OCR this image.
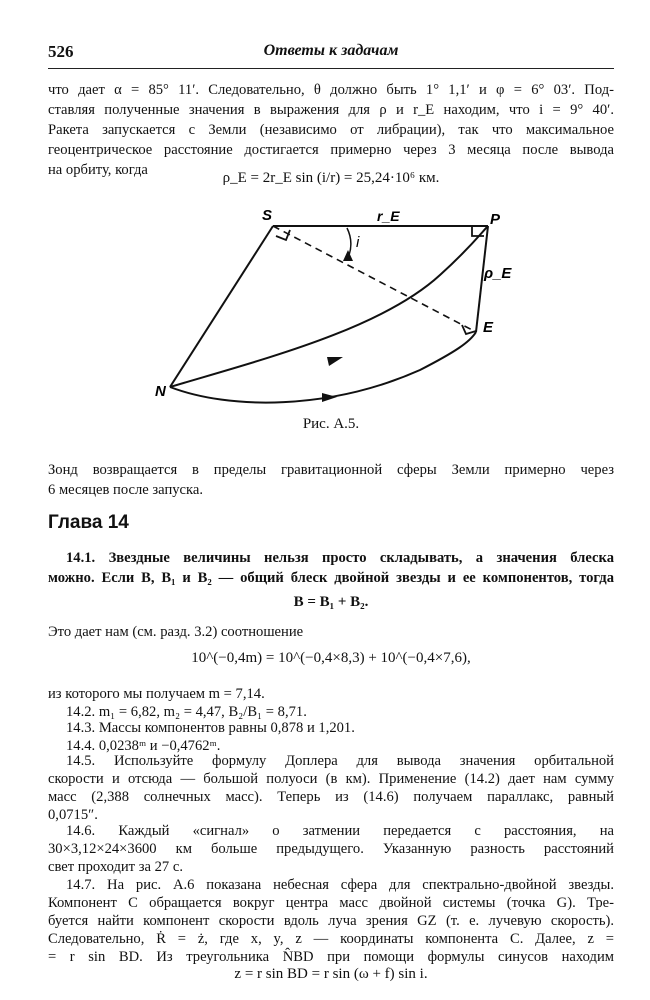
526	Ответы к задачам
что дает α = 85° 11′. Следовательно, θ должно быть 1° 1,1′ и φ = 6° 03′. Под-
ставляя полученные значения в выражения для ρ и r_E находим, что i = 9° 40′.
Ракета запускается с Земли (независимо от либрации), так что максимальное
геоцентрическое расстояние достигается примерно через 3 месяца после вывода
на орбиту, когда	ρ_E = 2r_E sin (i/r) = 25,24·10⁶ км.
S	P
E
N
r_E
i
ρ_E
Рис. А.5.
Зонд возвращается в пределы гравитационной сферы Земли примерно через
6 месяцев после запуска.
Глава 14
14.1. Звездные величины нельзя просто складывать, а значения блеска
можно. Если B, B₁ и B₂ — общий блеск двойной звезды и ее компонентов, тогда
B = B₁ + B₂.
Это дает нам (см. разд. 3.2) соотношение
10^(−0,4m) = 10^(−0,4×8,3) + 10^(−0,4×7,6),
из которого мы получаем m = 7,14.
14.2. m₁ = 6,82, m₂ = 4,47, B₂/B₁ = 8,71.
14.3. Массы компонентов равны 0,878 и 1,201.
14.4. 0,0238ᵐ и −0,4762ᵐ.
14.5. Используйте формулу Доплера для вывода значения орбитальной
скорости и отсюда — большой полуоси (в км). Применение (14.2) дает нам сумму
масс (2,388 солнечных масс). Теперь из (14.6) получаем параллакс, равный
0,0715″.
14.6. Каждый «сигнал» о затмении передается с расстояния, на
30×3,12×24×3600 км больше предыдущего. Указанную разность расстояний
свет проходит за 27 с.
14.7. На рис. А.6 показана небесная сфера для спектрально-двойной звезды.
Компонент С обращается вокруг центра масс двойной системы (точка G). Тре-
буется найти компонент скорости вдоль луча зрения GZ (т. е. лучевую скорость).
Следовательно, Ṙ = ż, где x, y, z — координаты компонента С. Далее, z =
= r sin BD. Из треугольника N̂BD при помощи формулы синусов находим
z = r sin BD = r sin (ω + f) sin i.
